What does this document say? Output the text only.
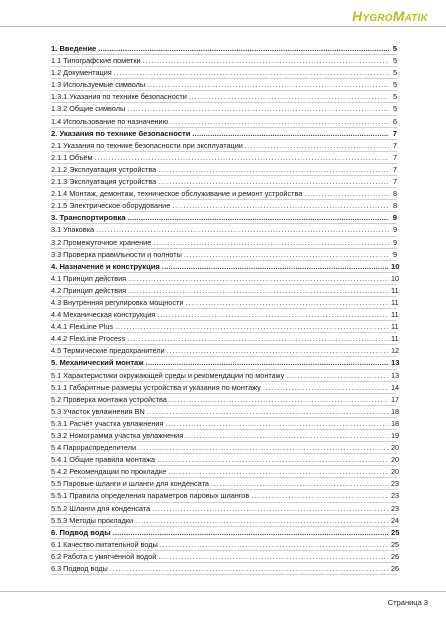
HYGROMATIK
1. Введение .....	5
1.1 Типографские пометки . . .	5
1.2 Документация . . .	5
1.3 Используемые символы . . .	5
1.3.1 Указания по технике безопасности . . .	5
1.3.2 Общие символы . . .	5
1.4 Использование по назначению . . .	6
2. Указания по технике безопасности .....	7
2.1 Указания по технике безопасности при эксплуатации . . .	7
2.1.1 Объём . . .	7
2.1.2 Эксплуатация устройства . . .	7
2.1.3 Эксплуатация устройства . . .	7
2.1.4 Монтаж, демонтаж, техническое обслуживание и ремонт устройства . . .	8
2.1.5 Электрическое оборудование . . .	8
3. Транспортировка .....	9
3.1 Упаковка . . .	9
3.2 Промежуточное хранение . . .	9
3.3 Проверка правильности и полноты . . .	9
4. Назначение и конструкция .....	10
4.1 Принцип действия . . .	10
4.2 Принцип действия . . .	11
4.3 Внутренняя регулировка мощности . . .	11
4.4 Механическая конструкция . . .	11
4.4.1 FlexLine Plus . . .	11
4.4.2 FlexLine Process . . .	11
4.5 Термические предохранители . . .	12
5. Механический монтаж .....	13
5.1 Характеристики окружающей среды и рекомендации по монтажу . . .	13
5.1.1 Габаритные размеры устройства и указания по монтажу . . .	14
5.2 Проверка монтажа устройства . . .	17
5.3 Участок увлажнения BN . . .	18
5.3.1 Расчёт участка увлажнения . . .	18
5.3.2 Номограмма участка увлажнения . . .	19
5.4 Парораспределители . . .	20
5.4.1 Общие правила монтажа . . .	20
5.4.2 Рекомендации по прокладке . . .	20
5.5 Паровые шланги и шланги для конденсата . . .	23
5.5.1 Правила определения параметров паровых шлангов . . .	23
5.5.2 Шланги для конденсата . . .	23
5.5.3 Методы прокладки . . .	24
6. Подвод воды .....	25
6.1 Качество питательной воды . . .	25
6.2 Работа с умягчённой водой . . .	26
6.3 Подвод воды . . .	26
Страница 3
